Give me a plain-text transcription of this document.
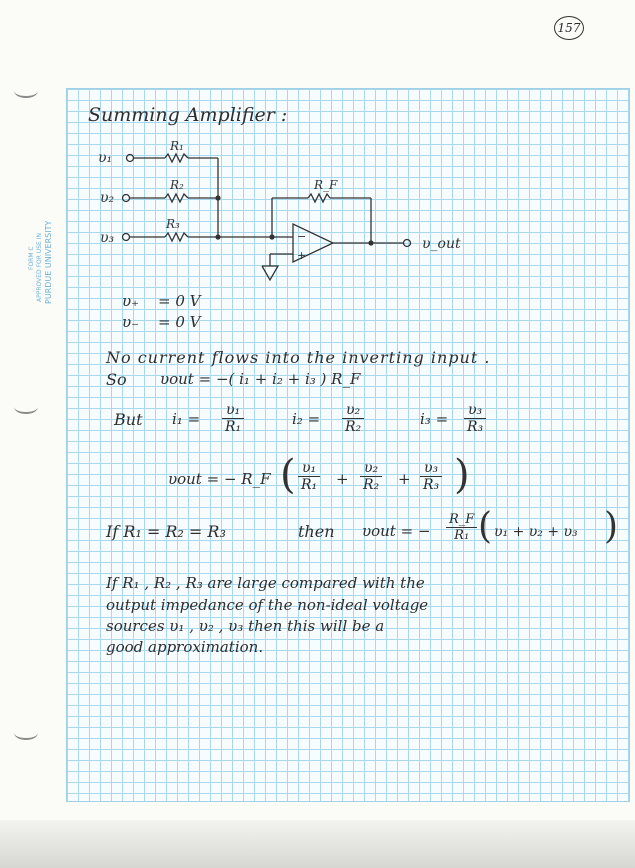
157
FORM C APPROVED FOR USE IN PURDUE UNIVERSITY
Summing Amplifier :
υ₁
υ₂
υ₃
R₁
R₂
R₃
R_F
−
+
υ_out
υ₊ = 0 V
υ₋ = 0 V
No current flows into the inverting input .
So υout = −( i₁ + i₂ + i₃ ) R_F
But $i_1 = \frac{\text{υ₁}}{\text{R₁}}$	$i_2 = \frac{\text{υ₂}}{\text{R₂}}$	$i_3 = \frac{\text{υ₃}}{\text{R₃}}$
υout = − R_F ( $\frac{\text{υ₁}}{\text{R₁}} + \frac{\text{υ₂}}{\text{R₂}} + \frac{\text{υ₃}}{\text{R₃}}$ )
If R₁ = R₂ = R₃	then υout = − $\frac{R\_F}{\text{R₁}}$ ( υ₁ + υ₂ + υ₃ )
If R₁ , R₂ , R₃ are large compared with the
output impedance of the non-ideal voltage
sources υ₁ , υ₂ , υ₃ then this will be a
good approximation.
